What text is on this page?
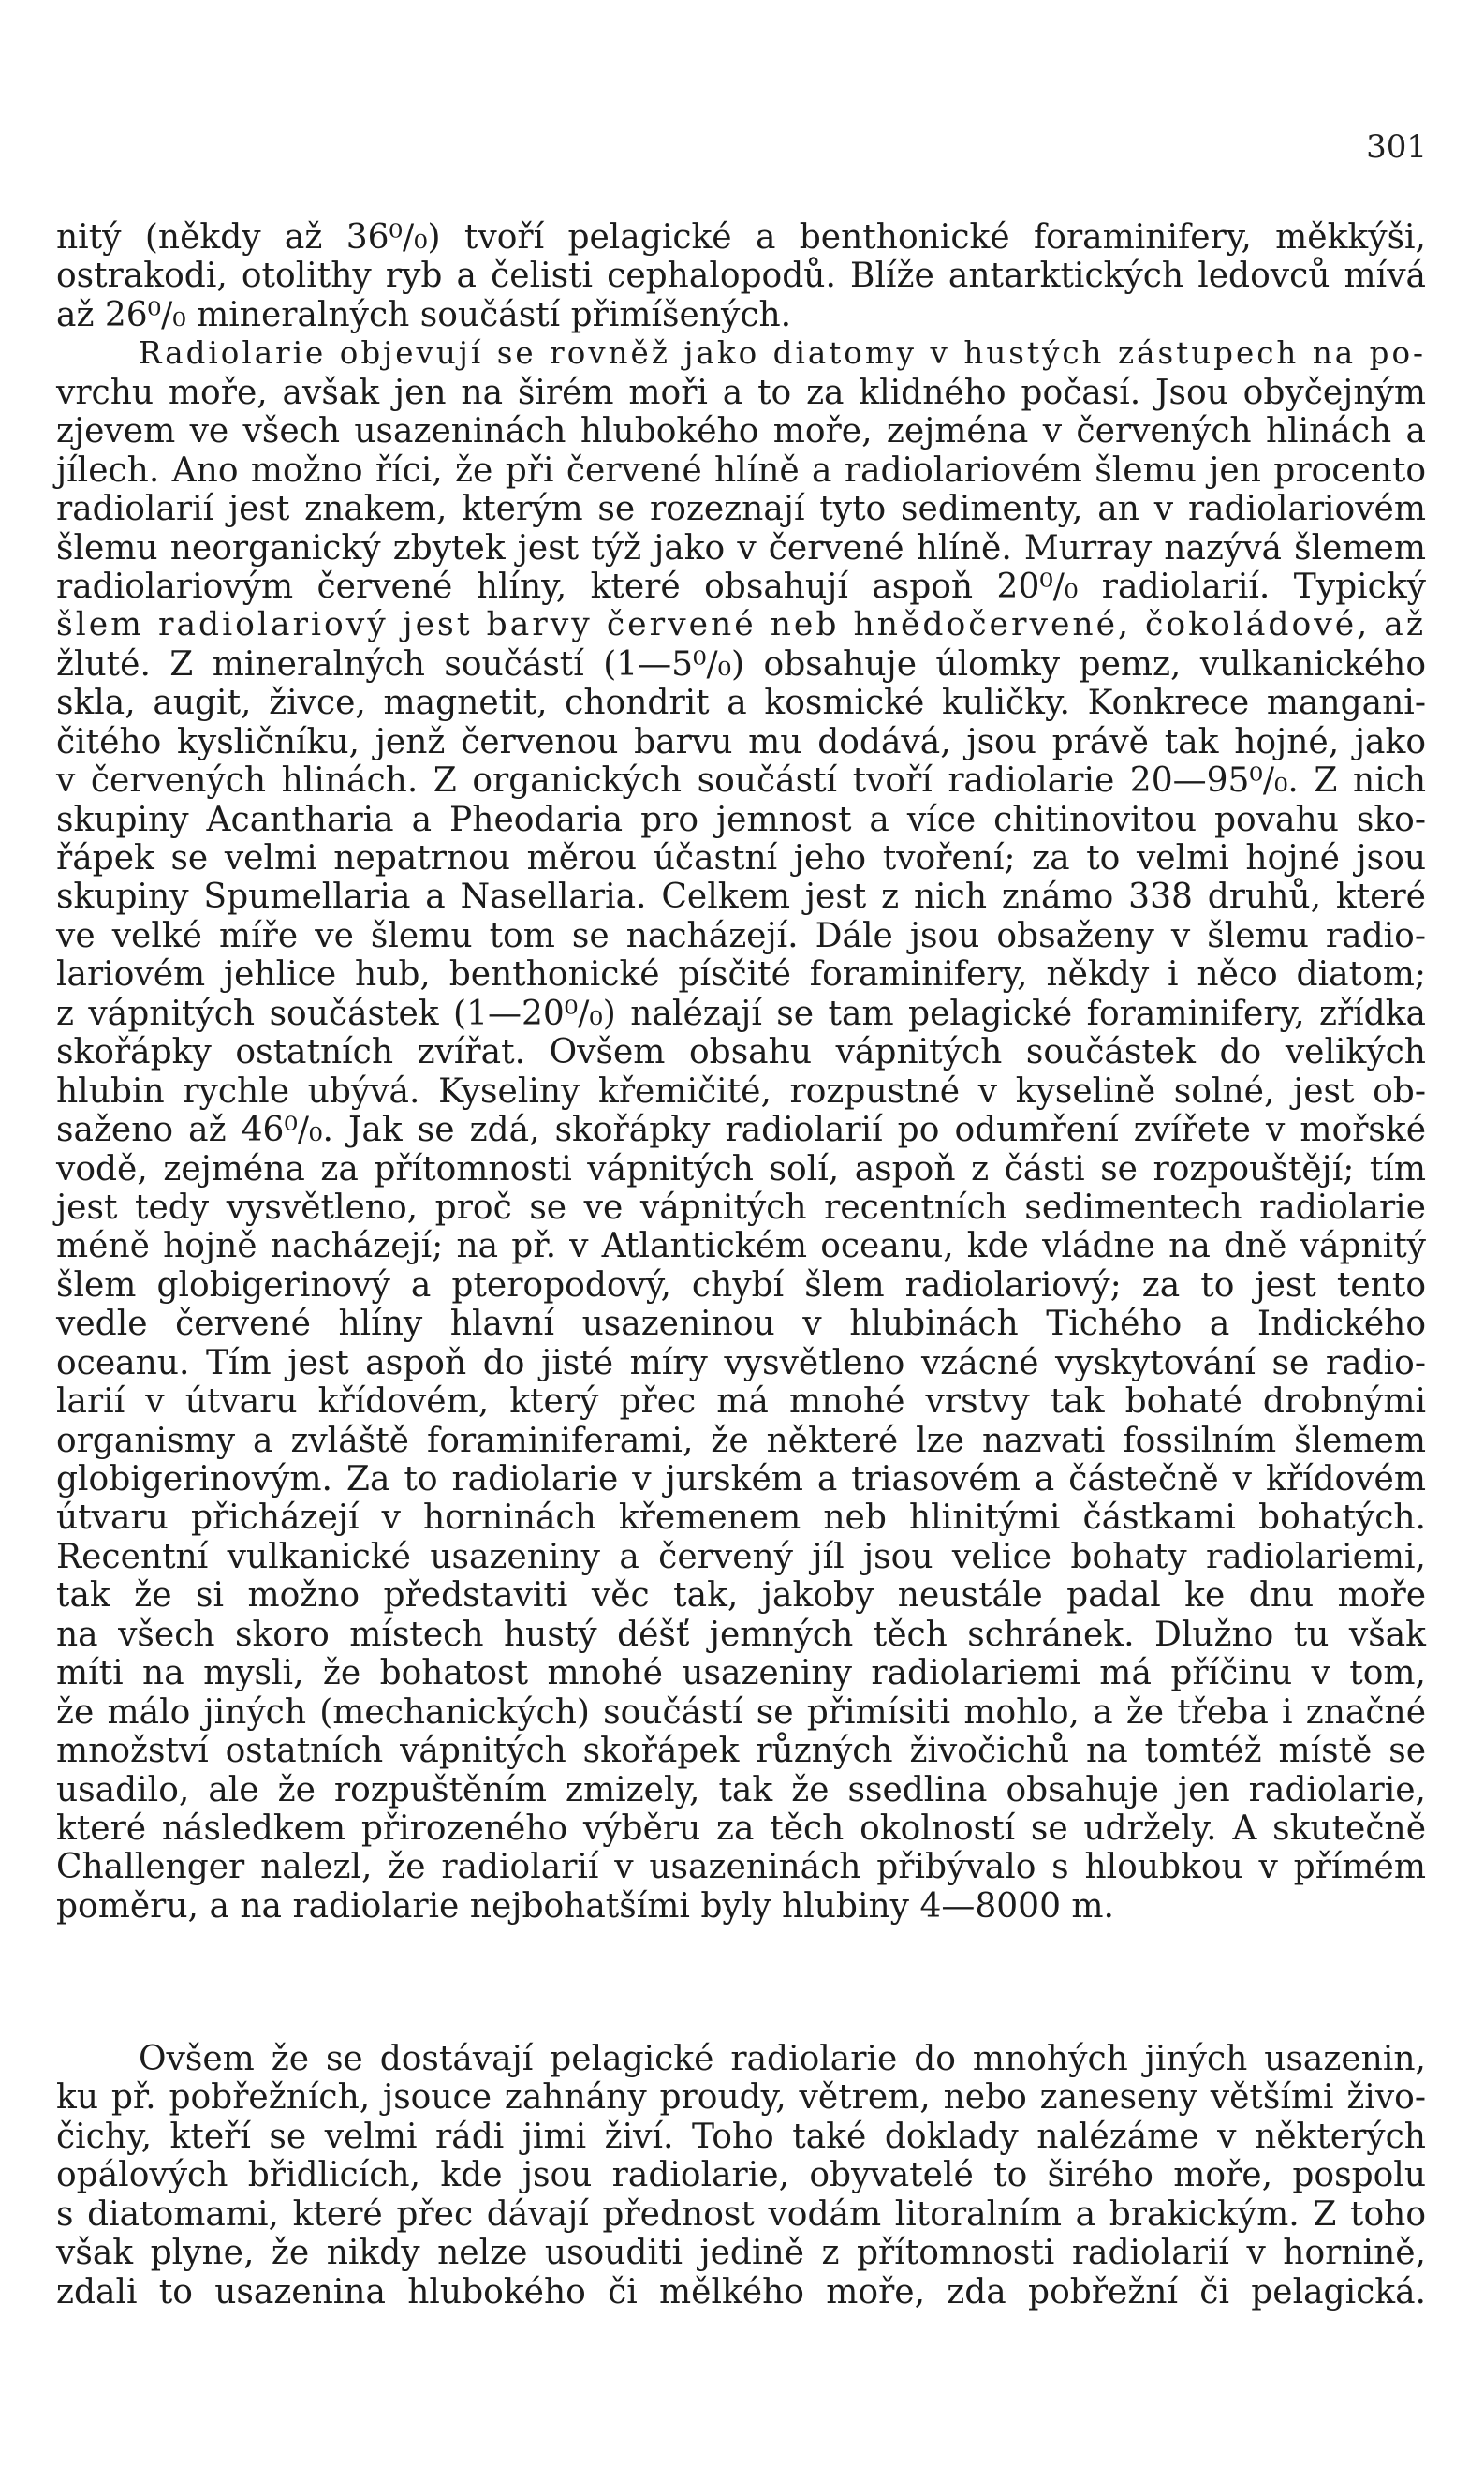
301
nitý (někdy až 36⁰/₀) tvoří pelagické a benthonické foraminifery, měkkýši,
ostrakodi, otolithy ryb a čelisti cephalopodů. Blíže antarktických ledovců mívá
až 26⁰/₀ mineralných součástí přimíšených.
Radiolarie objevují se rovněž jako diatomy v hustých zástupech na po-
vrchu moře, avšak jen na širém moři a to za klidného počasí. Jsou obyčejným
zjevem ve všech usazeninách hlubokého moře, zejména v červených hlinách a
jílech. Ano možno říci, že při červené hlíně a radiolariovém šlemu jen procento
radiolarií jest znakem, kterým se rozeznají tyto sedimenty, an v radiolariovém
šlemu neorganický zbytek jest týž jako v červené hlíně. Murray nazývá šlemem
radiolariovým červené hlíny, které obsahují aspoň 20⁰/₀ radiolarií. Typický
šlem radiolariový jest barvy červené neb hnědočervené, čokoládové, až
žluté. Z mineralných součástí (1—5⁰/₀) obsahuje úlomky pemz, vulkanického
skla, augit, živce, magnetit, chondrit a kosmické kuličky. Konkrece mangani-
čitého kysličníku, jenž červenou barvu mu dodává, jsou právě tak hojné, jako
v červených hlinách. Z organických součástí tvoří radiolarie 20—95⁰/₀. Z nich
skupiny Acantharia a Pheodaria pro jemnost a více chitinovitou povahu sko-
řápek se velmi nepatrnou měrou účastní jeho tvoření; za to velmi hojné jsou
skupiny Spumellaria a Nasellaria. Celkem jest z nich známo 338 druhů, které
ve velké míře ve šlemu tom se nacházejí. Dále jsou obsaženy v šlemu radio-
lariovém jehlice hub, benthonické písčité foraminifery, někdy i něco diatom;
z vápnitých součástek (1—20⁰/₀) nalézají se tam pelagické foraminifery, zřídka
skořápky ostatních zvířat. Ovšem obsahu vápnitých součástek do velikých
hlubin rychle ubývá. Kyseliny křemičité, rozpustné v kyselině solné, jest ob-
saženo až 46⁰/₀. Jak se zdá, skořápky radiolarií po odumření zvířete v mořské
vodě, zejména za přítomnosti vápnitých solí, aspoň z části se rozpouštějí; tím
jest tedy vysvětleno, proč se ve vápnitých recentních sedimentech radiolarie
méně hojně nacházejí; na př. v Atlantickém oceanu, kde vládne na dně vápnitý
šlem globigerinový a pteropodový, chybí šlem radiolariový; za to jest tento
vedle červené hlíny hlavní usazeninou v hlubinách Tichého a Indického
oceanu. Tím jest aspoň do jisté míry vysvětleno vzácné vyskytování se radio-
larií v útvaru křídovém, který přec má mnohé vrstvy tak bohaté drobnými
organismy a zvláště foraminiferami, že některé lze nazvati fossilním šlemem
globigerinovým. Za to radiolarie v jurském a triasovém a částečně v křídovém
útvaru přicházejí v horninách křemenem neb hlinitými částkami bohatých.
Recentní vulkanické usazeniny a červený jíl jsou velice bohaty radiolariemi,
tak že si možno představiti věc tak, jakoby neustále padal ke dnu moře
na všech skoro místech hustý déšť jemných těch schránek. Dlužno tu však
míti na mysli, že bohatost mnohé usazeniny radiolariemi má příčinu v tom,
že málo jiných (mechanických) součástí se přimísiti mohlo, a že třeba i značné
množství ostatních vápnitých skořápek různých živočichů na tomtéž místě se
usadilo, ale že rozpuštěním zmizely, tak že ssedlina obsahuje jen radiolarie,
které následkem přirozeného výběru za těch okolností se udržely. A skutečně
Challenger nalezl, že radiolarií v usazeninách přibývalo s hloubkou v přímém
poměru, a na radiolarie nejbohatšími byly hlubiny 4—8000 m.
Ovšem že se dostávají pelagické radiolarie do mnohých jiných usazenin,
ku př. pobřežních, jsouce zahnány proudy, větrem, nebo zaneseny většími živo-
čichy, kteří se velmi rádi jimi živí. Toho také doklady nalézáme v některých
opálových břidlicích, kde jsou radiolarie, obyvatelé to širého moře, pospolu
s diatomami, které přec dávají přednost vodám litoralním a brakickým. Z toho
však plyne, že nikdy nelze usouditi jedině z přítomnosti radiolarií v hornině,
zdali to usazenina hlubokého či mělkého moře, zda pobřežní či pelagická.
